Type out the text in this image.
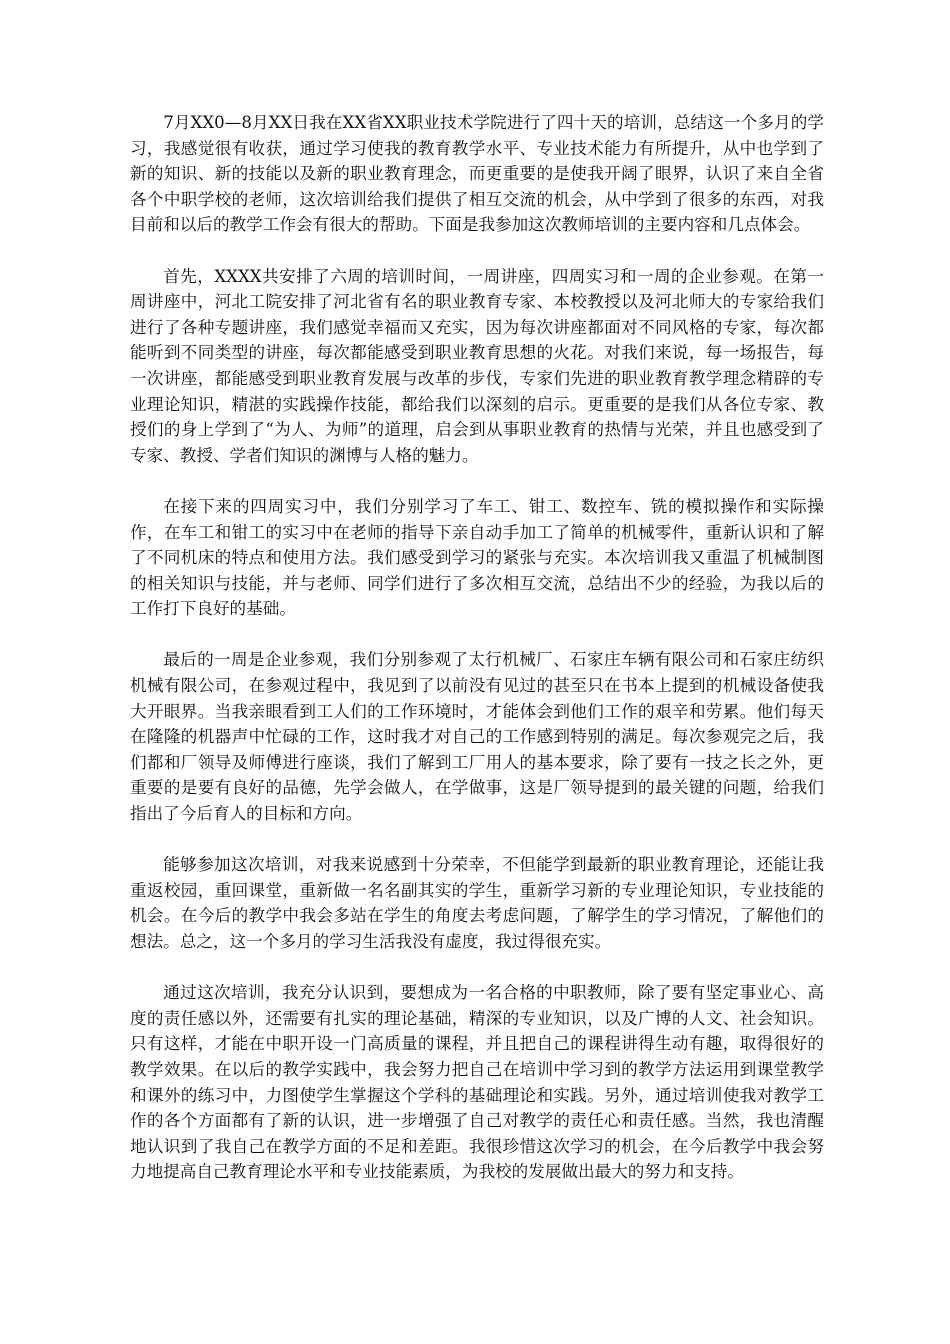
7月XX0—8月XX日我在XX省XX职业技术学院进行了四十天的培训，总结这一个多月的学习，我感觉很有收获，通过学习使我的教育教学水平、专业技术能力有所提升，从中也学到了新的知识、新的技能以及新的职业教育理念，而更重要的是使我开阔了眼界，认识了来自全省各个中职学校的老师，这次培训给我们提供了相互交流的机会，从中学到了很多的东西，对我目前和以后的教学工作会有很大的帮助。下面是我参加这次教师培训的主要内容和几点体会。

首先，XXXX共安排了六周的培训时间，一周讲座，四周实习和一周的企业参观。在第一周讲座中，河北工院安排了河北省有名的职业教育专家、本校教授以及河北师大的专家给我们进行了各种专题讲座，我们感觉幸福而又充实，因为每次讲座都面对不同风格的专家，每次都能听到不同类型的讲座，每次都能感受到职业教育思想的火花。对我们来说，每一场报告，每一次讲座，都能感受到职业教育发展与改革的步伐，专家们先进的职业教育教学理念精辟的专业理论知识，精湛的实践操作技能，都给我们以深刻的启示。更重要的是我们从各位专家、教授们的身上学到了“为人、为师”的道理，启会到从事职业教育的热情与光荣，并且也感受到了专家、教授、学者们知识的渊博与人格的魅力。

在接下来的四周实习中，我们分别学习了车工、钳工、数控车、铣的模拟操作和实际操作，在车工和钳工的实习中在老师的指导下亲自动手加工了简单的机械零件，重新认识和了解了不同机床的特点和使用方法。我们感受到学习的紧张与充实。本次培训我又重温了机械制图的相关知识与技能，并与老师、同学们进行了多次相互交流，总结出不少的经验，为我以后的工作打下良好的基础。

最后的一周是企业参观，我们分别参观了太行机械厂、石家庄车辆有限公司和石家庄纺织机械有限公司，在参观过程中，我见到了以前没有见过的甚至只在书本上提到的机械设备使我大开眼界。当我亲眼看到工人们的工作环境时，才能体会到他们工作的艰辛和劳累。他们每天在隆隆的机器声中忙碌的工作，这时我才对自己的工作感到特别的满足。每次参观完之后，我们都和厂领导及师傅进行座谈，我们了解到工厂用人的基本要求，除了要有一技之长之外，更重要的是要有良好的品德，先学会做人，在学做事，这是厂领导提到的最关键的问题，给我们指出了今后育人的目标和方向。

能够参加这次培训，对我来说感到十分荣幸，不但能学到最新的职业教育理论，还能让我重返校园，重回课堂，重新做一名名副其实的学生，重新学习新的专业理论知识，专业技能的机会。在今后的教学中我会多站在学生的角度去考虑问题，了解学生的学习情况，了解他们的想法。总之，这一个多月的学习生活我没有虚度，我过得很充实。

通过这次培训，我充分认识到，要想成为一名合格的中职教师，除了要有坚定事业心、高度的责任感以外，还需要有扎实的理论基础，精深的专业知识，以及广博的人文、社会知识。只有这样，才能在中职开设一门高质量的课程，并且把自己的课程讲得生动有趣，取得很好的教学效果。在以后的教学实践中，我会努力把自己在培训中学习到的教学方法运用到课堂教学和课外的练习中，力图使学生掌握这个学科的基础理论和实践。另外，通过培训使我对教学工作的各个方面都有了新的认识，进一步增强了自己对教学的责任心和责任感。当然，我也清醒地认识到了我自己在教学方面的不足和差距。我很珍惜这次学习的机会，在今后教学中我会努力地提高自己教育理论水平和专业技能素质，为我校的发展做出最大的努力和支持。
